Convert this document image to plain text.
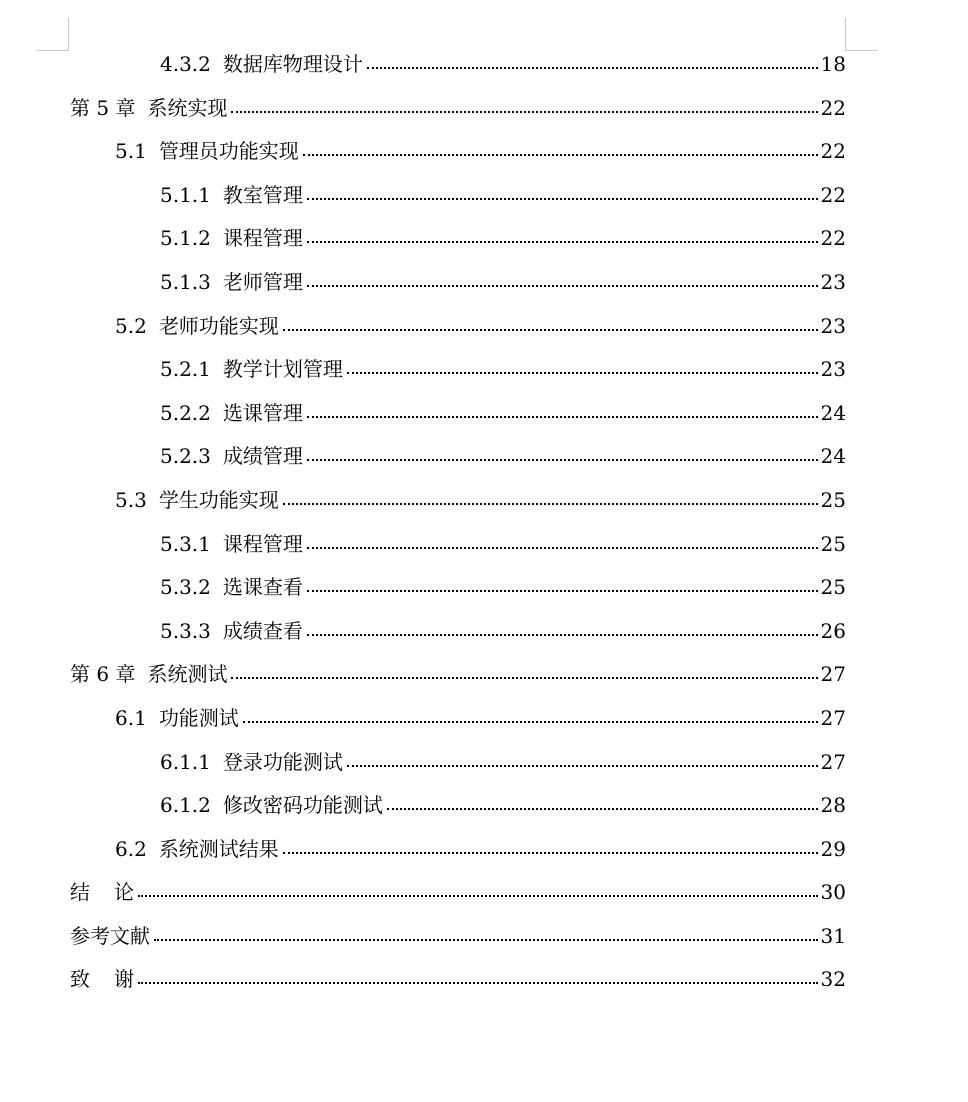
4.3.2 数据库物理设计	18
第 5 章 系统实现	22
5.1 管理员功能实现	22
5.1.1 教室管理	22
5.1.2 课程管理	22
5.1.3 老师管理	23
5.2 老师功能实现	23
5.2.1 教学计划管理	23
5.2.2 选课管理	24
5.2.3 成绩管理	24
5.3 学生功能实现	25
5.3.1 课程管理	25
5.3.2 选课查看	25
5.3.3 成绩查看	26
第 6 章 系统测试	27
6.1 功能测试	27
6.1.1 登录功能测试	27
6.1.2 修改密码功能测试	28
6.2 系统测试结果	29
结论	30
参考文献	31
致谢	32
